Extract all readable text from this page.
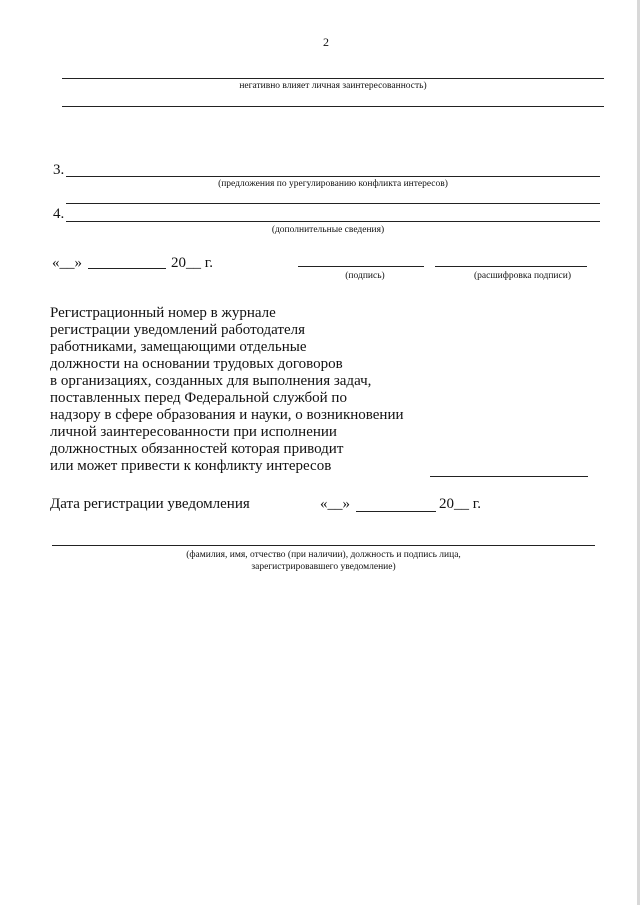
2
негативно влияет личная заинтересованность)
3.
(предложения по урегулированию конфликта интересов)
4.
(дополнительные сведения)
«__»	20__ г.
(подпись)	(расшифровка подписи)
Регистрационный номер в журнале
регистрации уведомлений работодателя
работниками, замещающими отдельные
должности на основании трудовых договоров
в организациях, созданных для выполнения задач,
поставленных перед Федеральной службой по
надзору в сфере образования и науки, о возникновении
личной заинтересованности при исполнении
должностных обязанностей которая приводит
или может привести к конфликту интересов
Дата регистрации уведомления	«__»	20__ г.
(фамилия, имя, отчество (при наличии), должность и подпись лица,
зарегистрировавшего уведомление)
